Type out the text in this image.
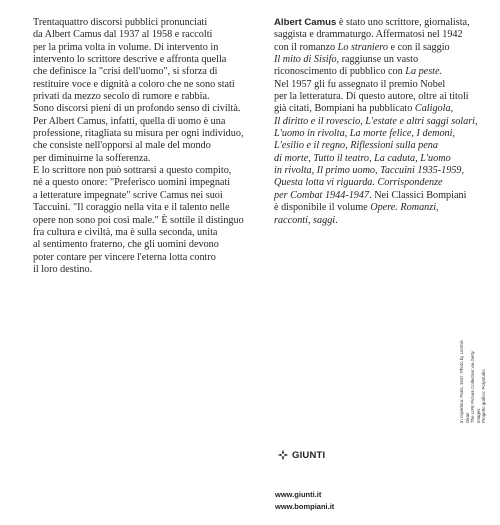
Trentaquattro discorsi pubblici pronunciati
da Albert Camus dal 1937 al 1958 e raccolti
per la prima volta in volume. Di intervento in
intervento lo scrittore descrive e affronta quella
che definisce la "crisi dell'uomo", si sforza di
restituire voce e dignità a coloro che ne sono stati
privati da mezzo secolo di rumore e rabbia.
Sono discorsi pieni di un profondo senso di civiltà.
Per Albert Camus, infatti, quella di uomo è una
professione, ritagliata su misura per ogni individuo,
che consiste nell'opporsi al male del mondo
per diminuirne la sofferenza.
E lo scrittore non può sottrarsi a questo compito,
né a questo onore: "Preferisco uomini impegnati
a letterature impegnate" scrive Camus nei suoi
Taccuini. "Il coraggio nella vita e il talento nelle
opere non sono poi così male." È sottile il distinguo
fra cultura e civiltà, ma è sulla seconda, unita
al sentimento fraterno, che gli uomini devono
poter contare per vincere l'eterna lotta contro
il loro destino.
Albert Camus è stato uno scrittore, giornalista,
saggista e drammaturgo. Affermatosi nel 1942
con il romanzo Lo straniero e con il saggio
Il mito di Sisifo, raggiunse un vasto
riconoscimento di pubblico con La peste.
Nel 1957 gli fu assegnato il premio Nobel
per la letteratura. Di questo autore, oltre ai titoli
già citati, Bompiani ha pubblicato Caligola,
Il diritto e il rovescio, L'estate e altri saggi solari,
L'uomo in rivolta, La morte felice, I demoni,
L'esilio e il regno, Riflessioni sulla pena
di morte, Tutto il teatro, La caduta, L'uomo
in rivolta, Il primo uomo, Taccuini 1935-1959,
Questa lotta vi riguarda. Corrispondenze
per Combat 1944-1947. Nei Classici Bompiani
è disponibile il volume Opere. Romanzi,
racconti, saggi.
GIUNTI
www.giunti.it
www.bompiani.it
In copertina: Paris, 1947. Photo by Loomis Dean The LIFE Picture Collection via Getty Images Progetto grafico: Polystudio
